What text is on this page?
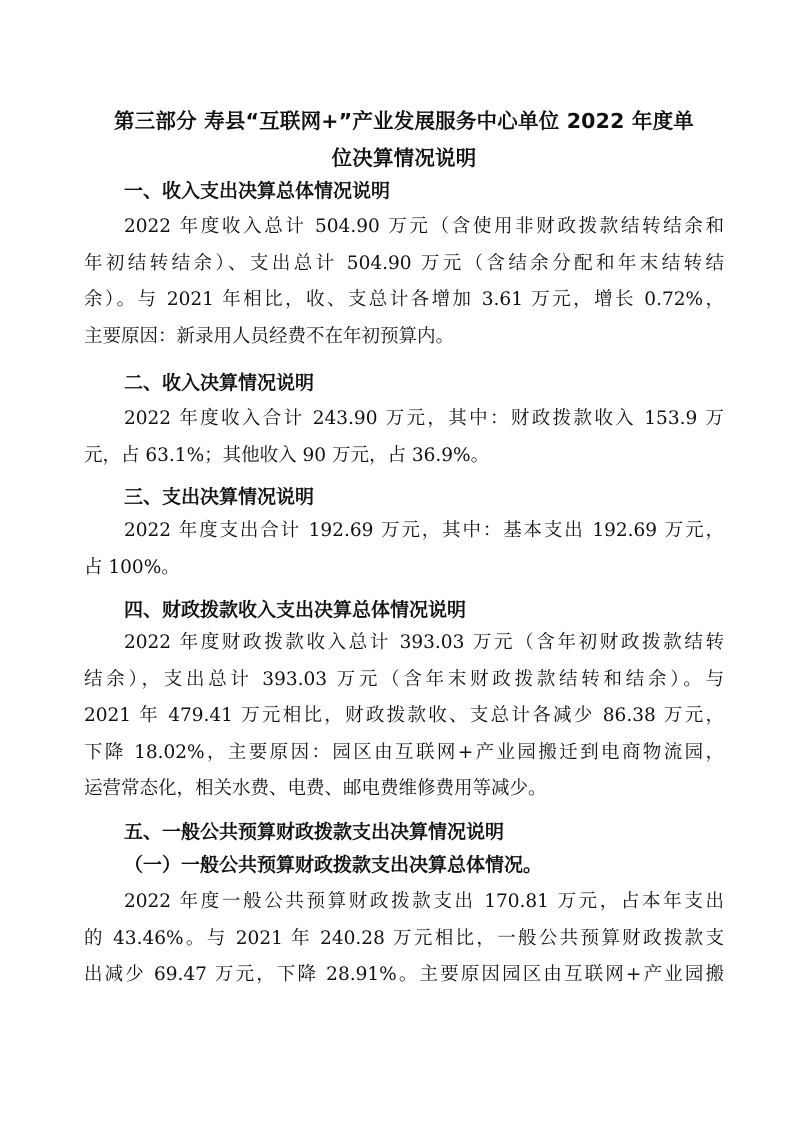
第三部分 寿县“互联网+”产业发展服务中心单位 2022 年度单
位决算情况说明
一、收入支出决算总体情况说明
2022 年度收入总计 504.90 万元（含使用非财政拨款结转结余和
年初结转结余）、支出总计 504.90 万元（含结余分配和年末结转结
余）。与 2021 年相比，收、支总计各增加 3.61 万元，增长 0.72%，
主要原因：新录用人员经费不在年初预算内。
二、收入决算情况说明
2022 年度收入合计 243.90 万元，其中：财政拨款收入 153.9 万
元，占 63.1%；其他收入 90 万元，占 36.9%。
三、支出决算情况说明
2022 年度支出合计 192.69 万元，其中：基本支出 192.69 万元，
占 100%。
四、财政拨款收入支出决算总体情况说明
2022 年度财政拨款收入总计 393.03 万元（含年初财政拨款结转
结余），支出总计 393.03 万元（含年末财政拨款结转和结余）。与
2021 年 479.41 万元相比，财政拨款收、支总计各减少 86.38 万元，
下降 18.02%，主要原因：园区由互联网+产业园搬迁到电商物流园，
运营常态化，相关水费、电费、邮电费维修费用等减少。
五、一般公共预算财政拨款支出决算情况说明
（一）一般公共预算财政拨款支出决算总体情况。
2022 年度一般公共预算财政拨款支出 170.81 万元，占本年支出
的 43.46%。与 2021 年 240.28 万元相比，一般公共预算财政拨款支
出减少 69.47 万元，下降 28.91%。主要原因园区由互联网+产业园搬
